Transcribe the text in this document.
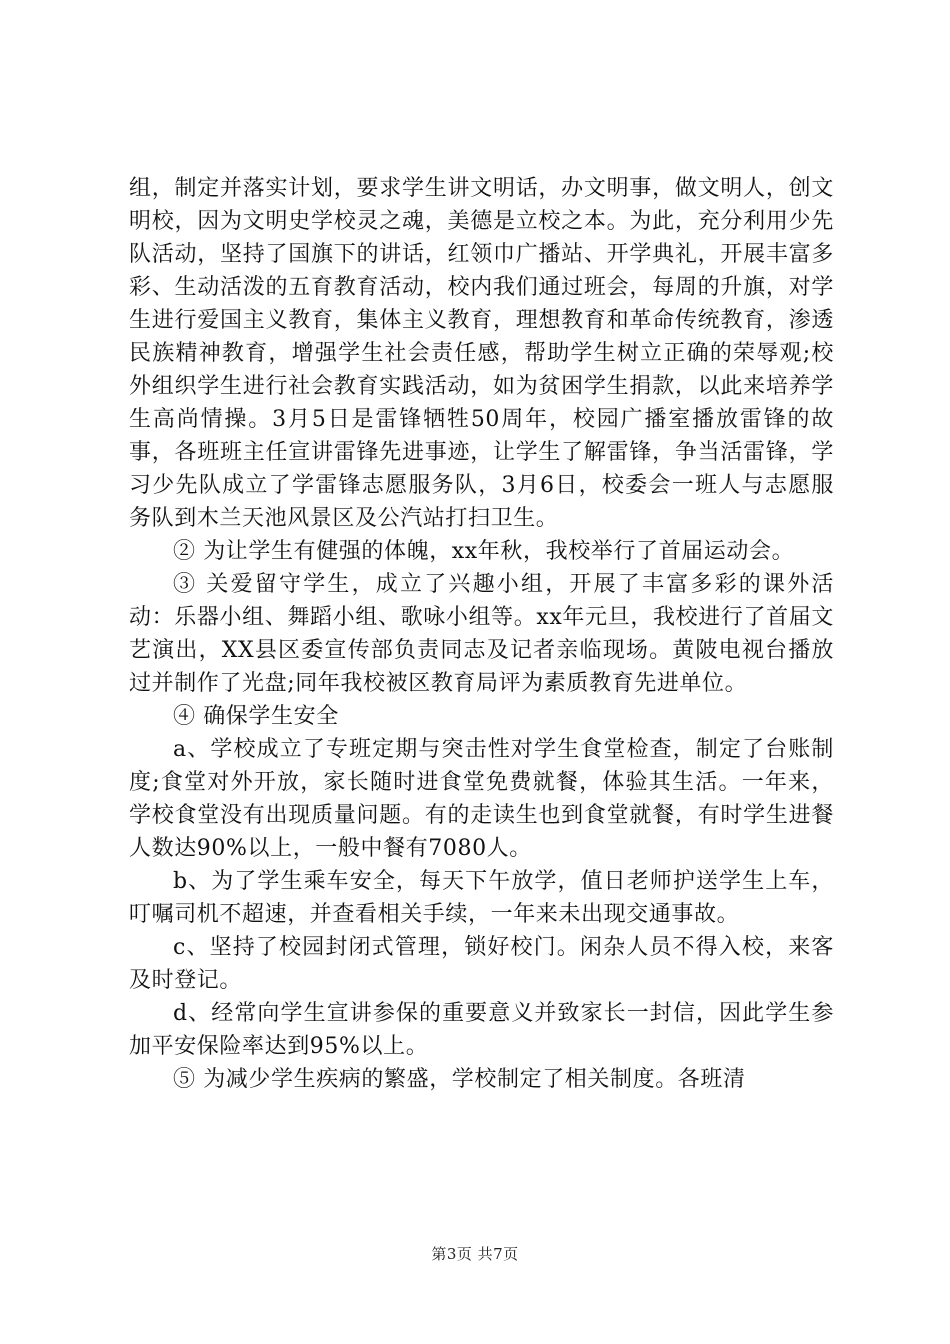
组，制定并落实计划，要求学生讲文明话，办文明事，做文明人，创文明校，因为文明史学校灵之魂，美德是立校之本。为此，充分利用少先队活动，坚持了国旗下的讲话，红领巾广播站、开学典礼，开展丰富多彩、生动活泼的五育教育活动，校内我们通过班会，每周的升旗，对学生进行爱国主义教育，集体主义教育，理想教育和革命传统教育，渗透民族精神教育，增强学生社会责任感，帮助学生树立正确的荣辱观;校外组织学生进行社会教育实践活动，如为贫困学生捐款，以此来培养学生高尚情操。3月5日是雷锋牺牲50周年，校园广播室播放雷锋的故事，各班班主任宣讲雷锋先进事迹，让学生了解雷锋，争当活雷锋，学习少先队成立了学雷锋志愿服务队，3月6日，校委会一班人与志愿服务队到木兰天池风景区及公汽站打扫卫生。

② 为让学生有健强的体魄，xx年秋，我校举行了首届运动会。

③ 关爱留守学生，成立了兴趣小组，开展了丰富多彩的课外活动：乐器小组、舞蹈小组、歌咏小组等。xx年元旦，我校进行了首届文艺演出，XX县区委宣传部负责同志及记者亲临现场。黄陂电视台播放过并制作了光盘;同年我校被区教育局评为素质教育先进单位。

④ 确保学生安全

a、学校成立了专班定期与突击性对学生食堂检查，制定了台账制度;食堂对外开放，家长随时进食堂免费就餐，体验其生活。一年来，学校食堂没有出现质量问题。有的走读生也到食堂就餐，有时学生进餐人数达90%以上，一般中餐有7080人。

b、为了学生乘车安全，每天下午放学，值日老师护送学生上车，叮嘱司机不超速，并查看相关手续，一年来未出现交通事故。

c、坚持了校园封闭式管理，锁好校门。闲杂人员不得入校，来客及时登记。

d、经常向学生宣讲参保的重要意义并致家长一封信，因此学生参加平安保险率达到95%以上。

⑤ 为减少学生疾病的繁盛，学校制定了相关制度。各班清

第3页 共7页
